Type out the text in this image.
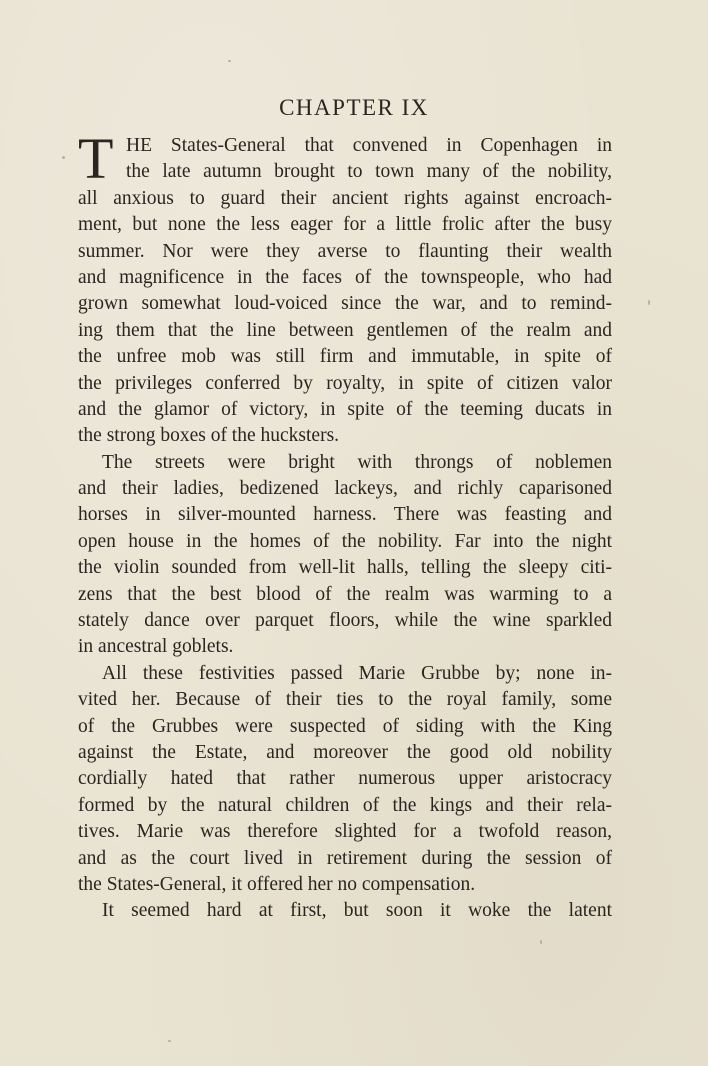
CHAPTER IX
T HE States-General that convened in Copenhagen in
the late autumn brought to town many of the nobility,
all anxious to guard their ancient rights against encroach-
ment, but none the less eager for a little frolic after the busy
summer. Nor were they averse to flaunting their wealth
and magnificence in the faces of the townspeople, who had
grown somewhat loud-voiced since the war, and to remind-
ing them that the line between gentlemen of the realm and
the unfree mob was still firm and immutable, in spite of
the privileges conferred by royalty, in spite of citizen valor
and the glamor of victory, in spite of the teeming ducats in
the strong boxes of the hucksters.
The streets were bright with throngs of noblemen
and their ladies, bedizened lackeys, and richly caparisoned
horses in silver-mounted harness. There was feasting and
open house in the homes of the nobility. Far into the night
the violin sounded from well-lit halls, telling the sleepy citi-
zens that the best blood of the realm was warming to a
stately dance over parquet floors, while the wine sparkled
in ancestral goblets.
All these festivities passed Marie Grubbe by; none in-
vited her. Because of their ties to the royal family, some
of the Grubbes were suspected of siding with the King
against the Estate, and moreover the good old nobility
cordially hated that rather numerous upper aristocracy
formed by the natural children of the kings and their rela-
tives. Marie was therefore slighted for a twofold reason,
and as the court lived in retirement during the session of
the States-General, it offered her no compensation.
It seemed hard at first, but soon it woke the latent
